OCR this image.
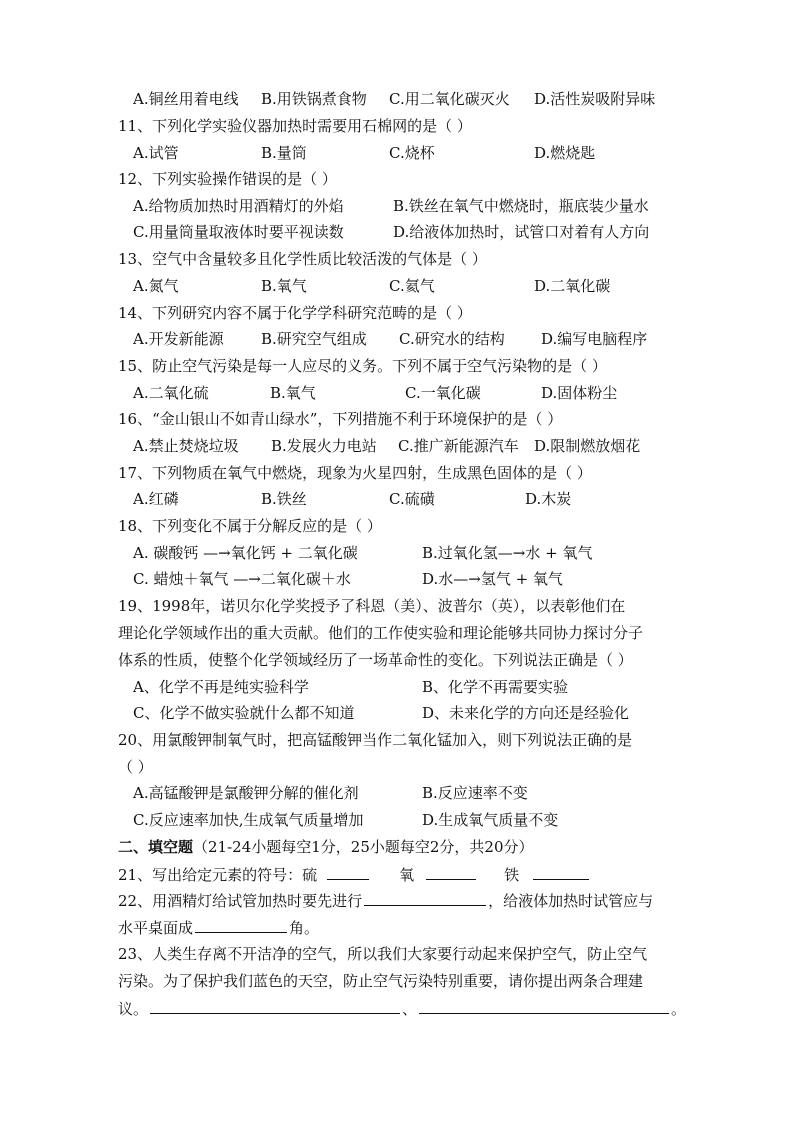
A.铜丝用着电线 B.用铁锅煮食物 C.用二氧化碳灭火 D.活性炭吸附异味
11、下列化学实验仪器加热时需要用石棉网的是（ ）
A.试管	B.量筒	C.烧杯	D.燃烧匙
12、下列实验操作错误的是（ ）
A.给物质加热时用酒精灯的外焰	B.铁丝在氧气中燃烧时，瓶底装少量水
C.用量筒量取液体时要平视读数	D.给液体加热时，试管口对着有人方向
13、空气中含量较多且化学性质比较活泼的气体是（ ）
A.氮气	B.氧气	C.氦气	D.二氧化碳
14、下列研究内容不属于化学学科研究范畴的是（ ）
A.开发新能源 B.研究空气组成 C.研究水的结构 D.编写电脑程序
15、防止空气污染是每一人应尽的义务。下列不属于空气污染物的是（ ）
A.二氧化硫	B.氧气	C.一氧化碳	D.固体粉尘
16、“金山银山不如青山绿水”，下列措施不利于环境保护的是（ ）
A.禁止焚烧垃圾 B.发展火力电站 C.推广新能源汽车 D.限制燃放烟花
17、下列物质在氧气中燃烧，现象为火星四射，生成黑色固体的是（ ）
A.红磷	B.铁丝	C.硫磺	D.木炭
18、下列变化不属于分解反应的是（ ）
A. 碳酸钙 —→氧化钙 + 二氧化碳	B.过氧化氢—→水 + 氧气
C. 蜡烛＋氧气 —→二氧化碳＋水	D.水—→氢气 + 氧气
19、1998年，诺贝尔化学奖授予了科恩（美）、波普尔（英），以表彰他们在
理论化学领域作出的重大贡献。他们的工作使实验和理论能够共同协力探讨分子
体系的性质，使整个化学领域经历了一场革命性的变化。下列说法正确是（ ）
A、化学不再是纯实验科学	B、化学不再需要实验
C、化学不做实验就什么都不知道	D、未来化学的方向还是经验化
20、用氯酸钾制氧气时，把高锰酸钾当作二氧化锰加入，则下列说法正确的是
（ ）
A.高锰酸钾是氯酸钾分解的催化剂	B.反应速率不变
C.反应速率加快,生成氧气质量增加	D.生成氧气质量不变
二、填空题（21-24小题每空1分，25小题每空2分，共20分）
21、写出给定元素的符号：硫	氧	铁
22、用酒精灯给试管加热时要先进行	，给液体加热时试管应与
水平桌面成	角。
23、人类生存离不开洁净的空气，所以我们大家要行动起来保护空气，防止空气
污染。为了保护我们蓝色的天空，防止空气污染特别重要，请你提出两条合理建
议。	、	。
